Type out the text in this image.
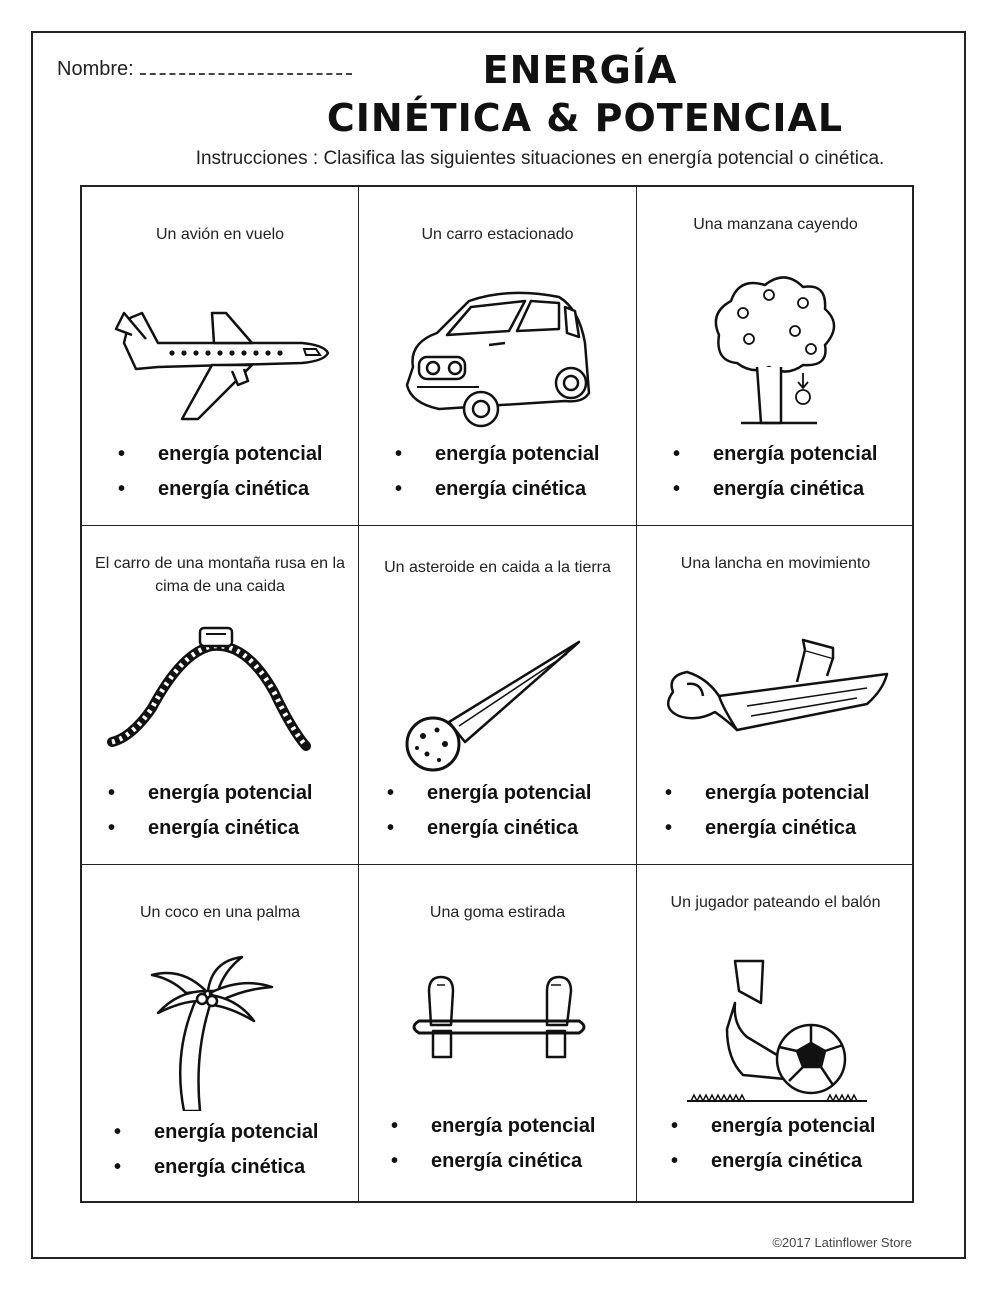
Nombre:	ENERGÍA
CINÉTICA & POTENCIAL
Instrucciones : Clasifica las siguientes situaciones en energía potencial o cinética.
Un avión en vuelo
• energía potencial
• energía cinética
Un carro estacionado
• energía potencial
• energía cinética
Una manzana cayendo
• energía potencial
• energía cinética
El carro de una montaña rusa en la cima de una caida
• energía potencial
• energía cinética
Un asteroide en caida a la tierra
• energía potencial
• energía cinética
Una lancha en movimiento
• energía potencial
• energía cinética
Un coco en una palma
• energía potencial
• energía cinética
Una goma estirada
• energía potencial
• energía cinética
Un jugador pateando el balón
• energía potencial
• energía cinética
©2017 Latinflower Store
